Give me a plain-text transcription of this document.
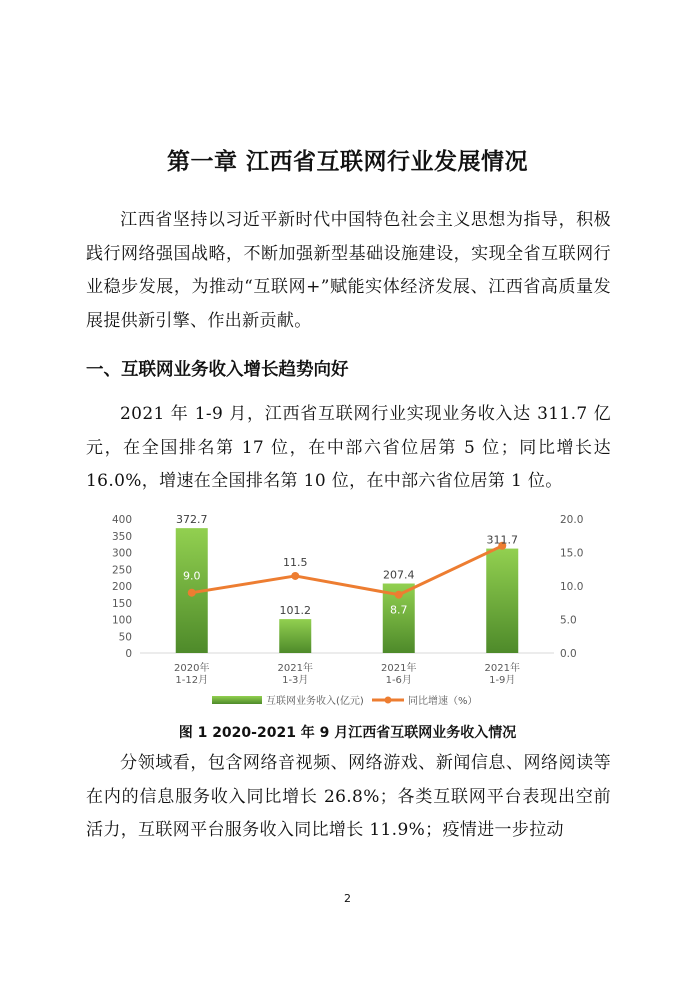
第一章 江西省互联网行业发展情况

江西省坚持以习近平新时代中国特色社会主义思想为指导，积极践行网络强国战略，不断加强新型基础设施建设，实现全省互联网行业稳步发展，为推动“互联网+”赋能实体经济发展、江西省高质量发展提供新引擎、作出新贡献。

一、互联网业务收入增长趋势向好

2021 年 1-9 月，江西省互联网行业实现业务收入达 311.7 亿元，在全国排名第 17 位，在中部六省位居第 5 位；同比增长达 16.0%，增速在全国排名第 10 位，在中部六省位居第 1 位。

0
50
100
150
200
250
300
350
400
0.0
5.0
10.0
15.0
20.0
372.7
101.2
207.4
311.7
9.0
11.5
8.7
16.0
2020年
1-12月
2021年
1-3月
2021年
1-6月
2021年
1-9月
互联网业务收入(亿元)	同比增速（%）
图 1 2020-2021 年 9 月江西省互联网业务收入情况

分领域看，包含网络音视频、网络游戏、新闻信息、网络阅读等在内的信息服务收入同比增长 26.8%；各类互联网平台表现出空前活力，互联网平台服务收入同比增长 11.9%；疫情进一步拉动

2
